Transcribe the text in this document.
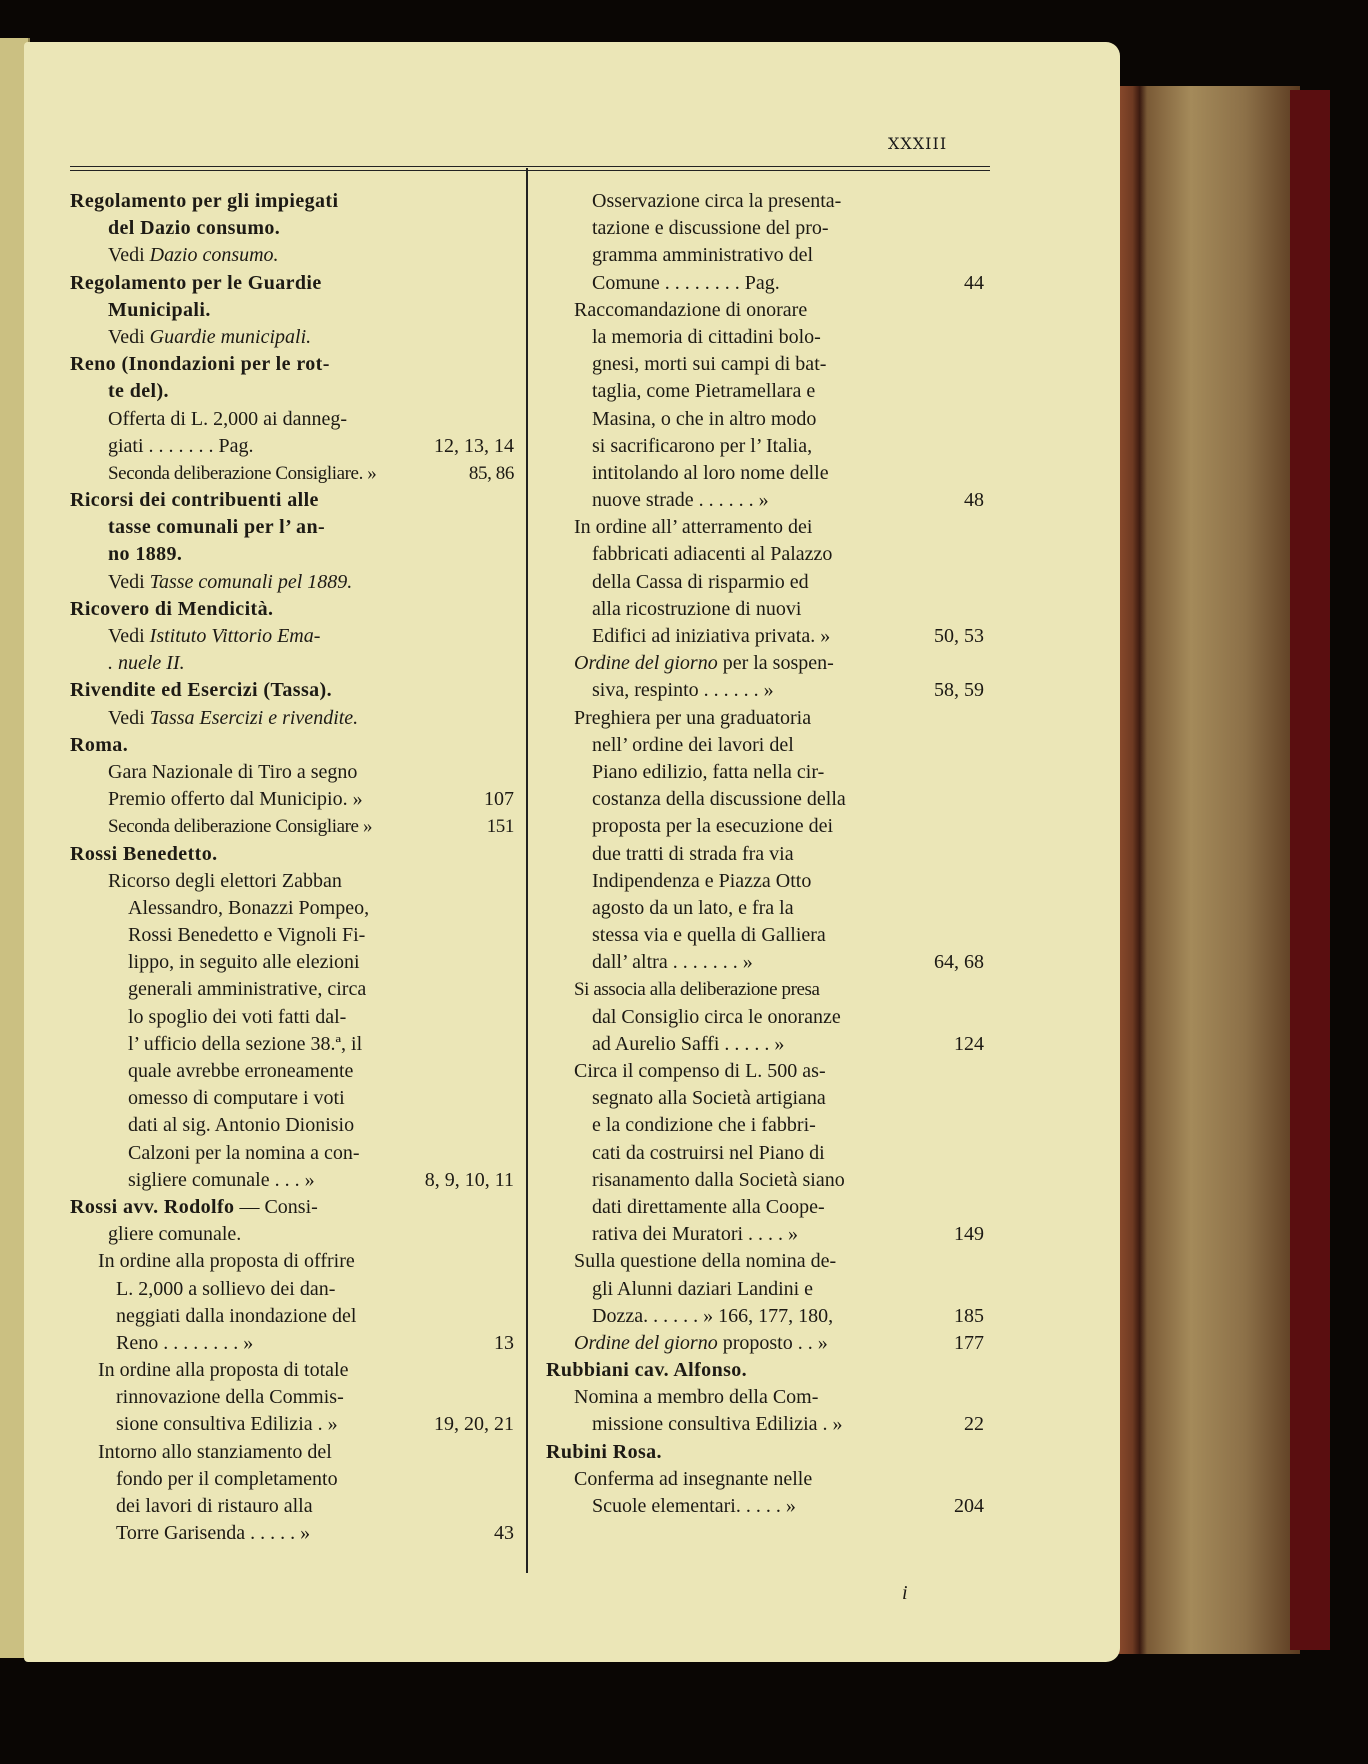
XXXIII
Regolamento per gli impiegati
del Dazio consumo.
Vedi Dazio consumo.
Regolamento per le Guardie
Municipali.
Vedi Guardie municipali.
Reno (Inondazioni per le rot-
te del).
Offerta di L. 2,000 ai danneg-
giati . . . . . . . Pag.	12, 13, 14
Seconda deliberazione Consigliare. »	85, 86
Ricorsi dei contribuenti alle
tasse comunali per l’ an-
no 1889.
Vedi Tasse comunali pel 1889.
Ricovero di Mendicità.
Vedi Istituto Vittorio Ema-
. nuele II.
Rivendite ed Esercizi (Tassa).
Vedi Tassa Esercizi e rivendite.
Roma.
Gara Nazionale di Tiro a segno
Premio offerto dal Municipio. »	107
Seconda deliberazione Consigliare »	151
Rossi Benedetto.
Ricorso degli elettori Zabban
Alessandro, Bonazzi Pompeo,
Rossi Benedetto e Vignoli Fi-
lippo, in seguito alle elezioni
generali amministrative, circa
lo spoglio dei voti fatti dal-
l’ ufficio della sezione 38.ª, il
quale avrebbe erroneamente
omesso di computare i voti
dati al sig. Antonio Dionisio
Calzoni per la nomina a con-
sigliere comunale . . . »	8, 9, 10, 11
Rossi avv. Rodolfo — Consi-
gliere comunale.
In ordine alla proposta di offrire
L. 2,000 a sollievo dei dan-
neggiati dalla inondazione del
Reno . . . . . . . . »	13
In ordine alla proposta di totale
rinnovazione della Commis-
sione consultiva Edilizia . »	19, 20, 21
Intorno allo stanziamento del
fondo per il completamento
dei lavori di ristauro alla
Torre Garisenda . . . . . »	43
Osservazione circa la presenta-
tazione e discussione del pro-
gramma amministrativo del
Comune . . . . . . . . Pag.	44
Raccomandazione di onorare
la memoria di cittadini bolo-
gnesi, morti sui campi di bat-
taglia, come Pietramellara e
Masina, o che in altro modo
si sacrificarono per l’ Italia,
intitolando al loro nome delle
nuove strade . . . . . . »	48
In ordine all’ atterramento dei
fabbricati adiacenti al Palazzo
della Cassa di risparmio ed
alla ricostruzione di nuovi
Edifici ad iniziativa privata. »	50, 53
Ordine del giorno per la sospen-
siva, respinto . . . . . . »	58, 59
Preghiera per una graduatoria
nell’ ordine dei lavori del
Piano edilizio, fatta nella cir-
costanza della discussione della
proposta per la esecuzione dei
due tratti di strada fra via
Indipendenza e Piazza Otto
agosto da un lato, e fra la
stessa via e quella di Galliera
dall’ altra . . . . . . . »	64, 68
Si associa alla deliberazione presa
dal Consiglio circa le onoranze
ad Aurelio Saffi . . . . . »	124
Circa il compenso di L. 500 as-
segnato alla Società artigiana
e la condizione che i fabbri-
cati da costruirsi nel Piano di
risanamento dalla Società siano
dati direttamente alla Coope-
rativa dei Muratori . . . . »	149
Sulla questione della nomina de-
gli Alunni daziari Landini e
Dozza. . . . . . » 166, 177, 180,	185
Ordine del giorno proposto . . »	177
Rubbiani cav. Alfonso.
Nomina a membro della Com-
missione consultiva Edilizia . »	22
Rubini Rosa.
Conferma ad insegnante nelle
Scuole elementari. . . . . »	204
i
